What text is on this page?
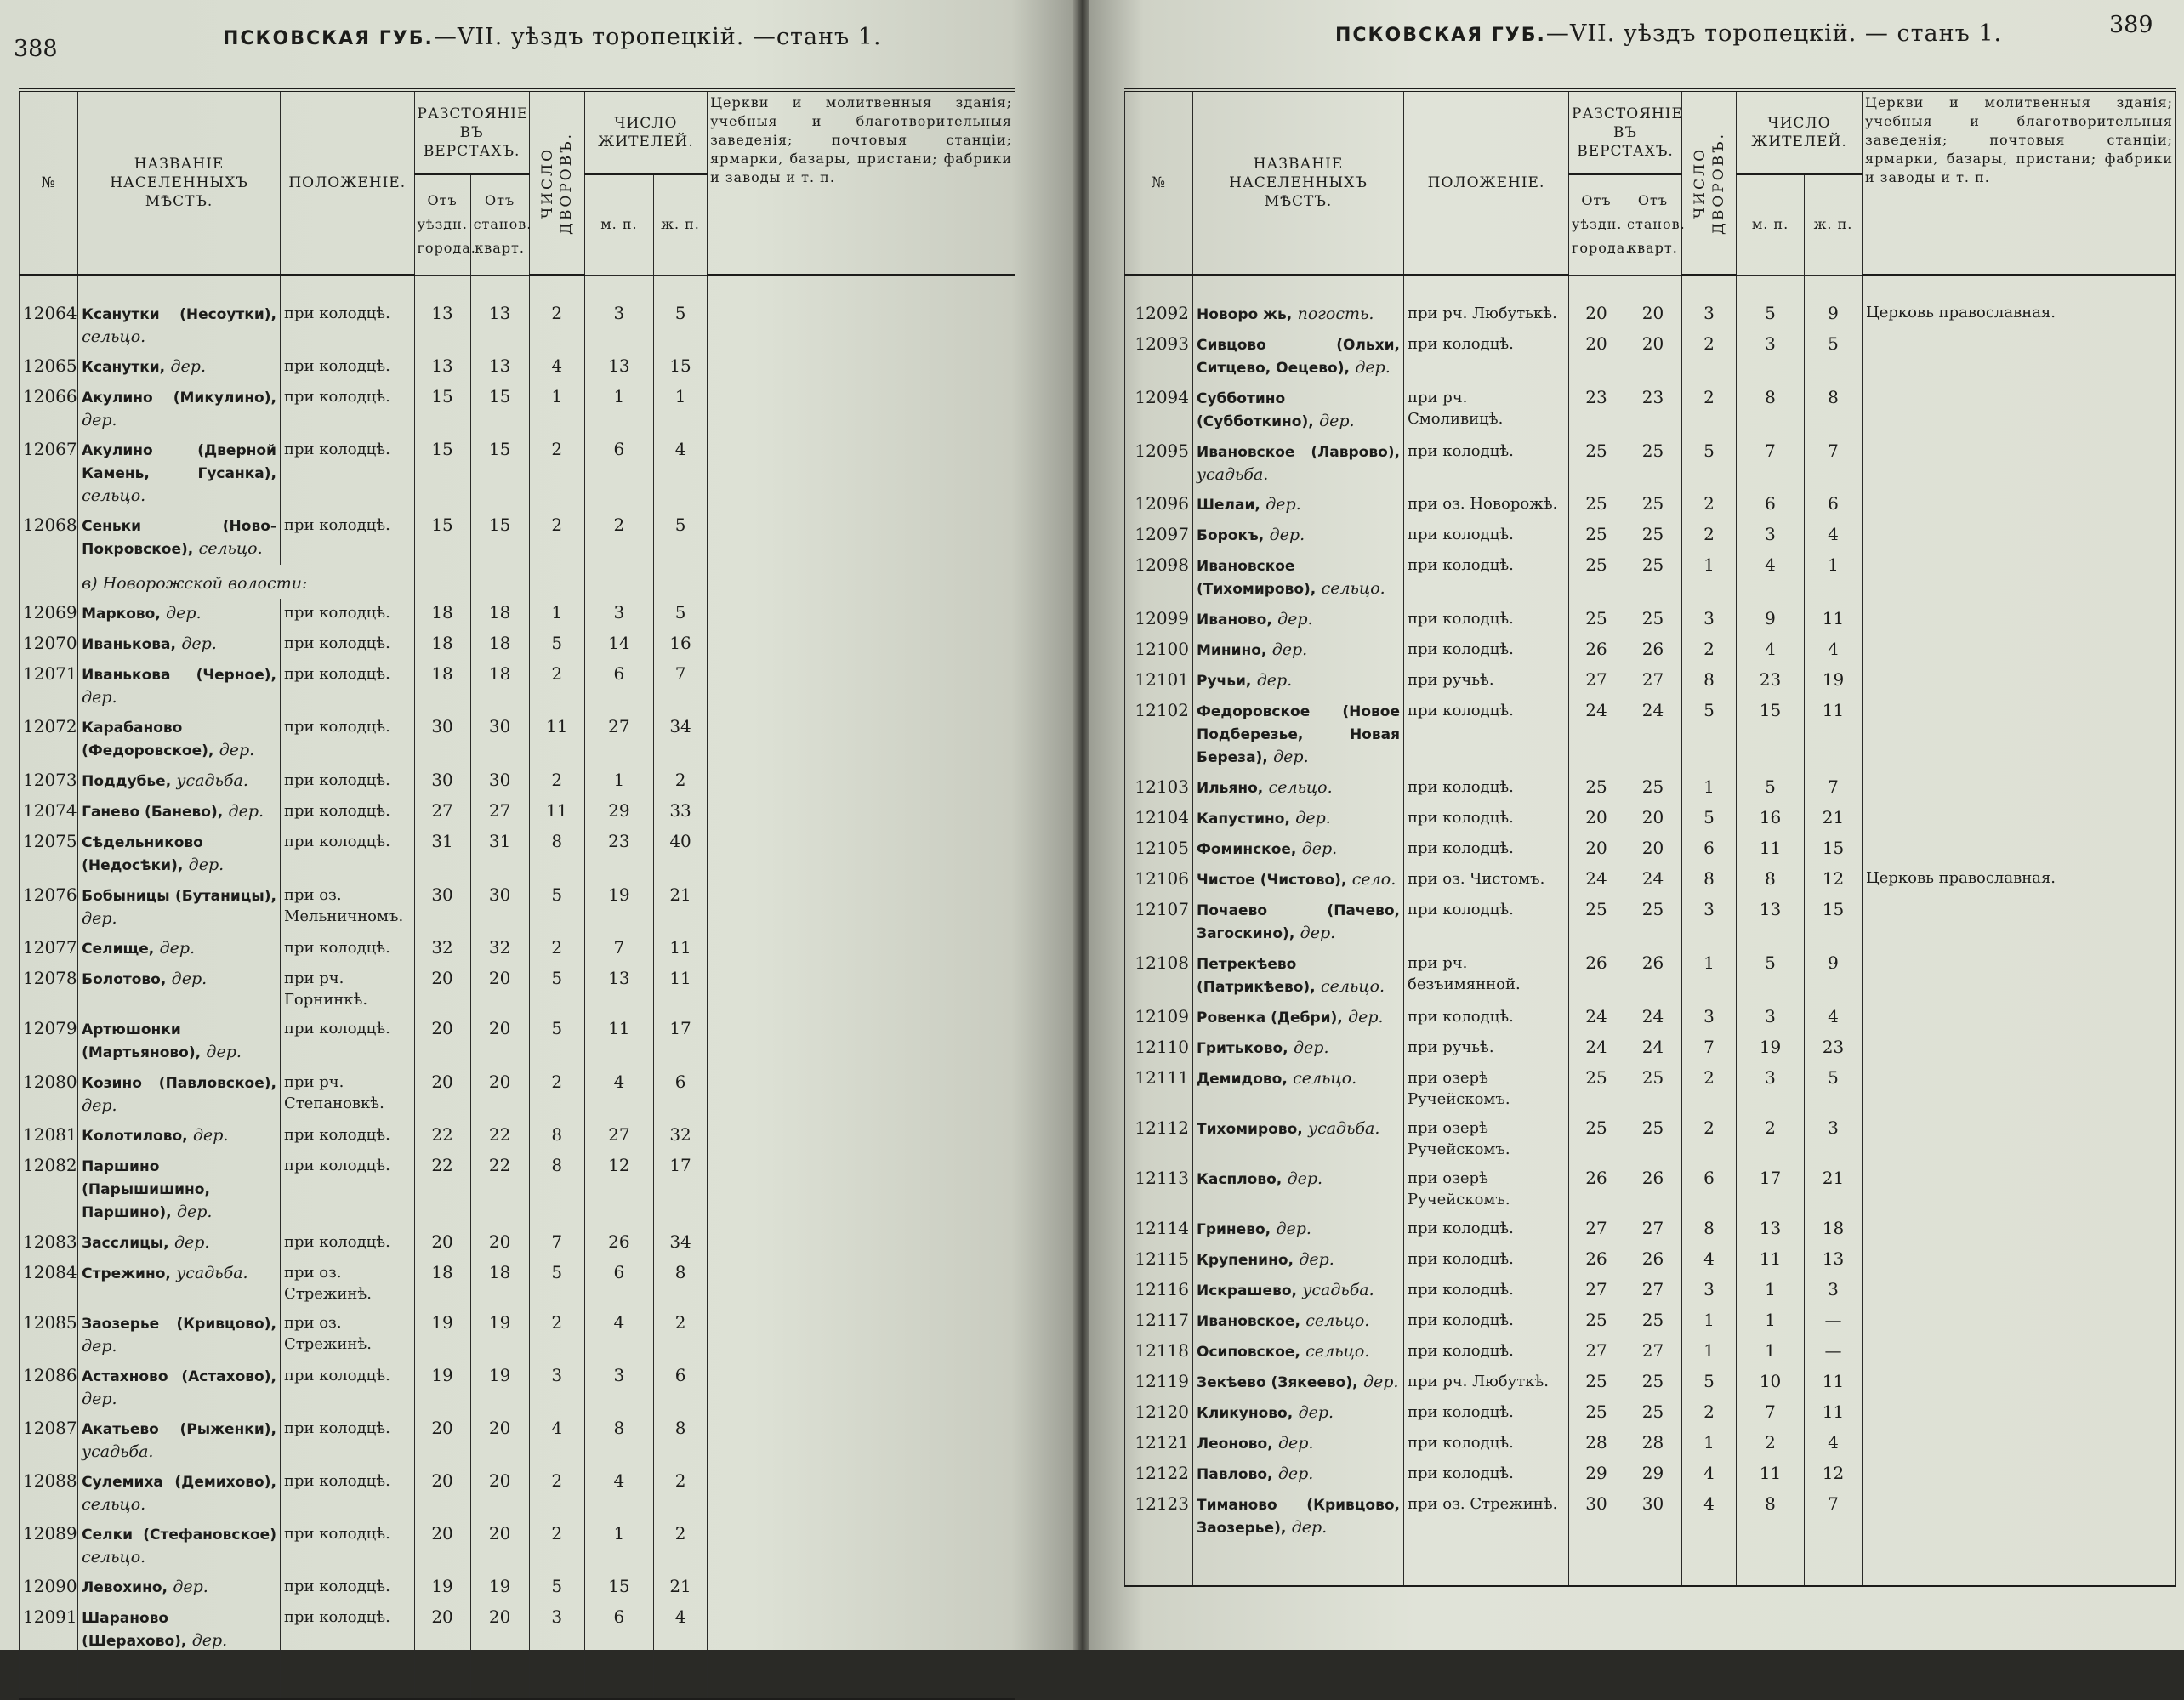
388	ПСКОВСКАЯ ГУБ.—VII. уѣздъ торопецкій. —станъ 1.
№	НАЗВАНІЕ НАСЕЛЕННЫХЪ МѢСТЪ.	ПОЛОЖЕНІЕ.	РАЗСТОЯНІЕ ВЪ ВЕРСТАХЪ.		ЧИСЛО ДВОРОВЪ.	ЧИСЛО ЖИТЕЛЕЙ.		Церкви и молитвенныя зданія; учебныя и благотворительныя заведенія; почтовыя станціи; ярмарки, базары, пристани; фабрики и заводы и т. п.
			Отъ уѣздн. города.	Отъ станов. кварт.		м. п.	ж. п.	
12064	Ксанутки (Несоутки), сельцо.	при колодцѣ.	13	13	2	3	5	
12065	Ксанутки, дер.	при колодцѣ.	13	13	4	13	15	
12066	Акулино (Микулино), дер.	при колодцѣ.	15	15	1	1	1	
12067	Акулино (Дверной Камень, Гусанка), сельцо.	при колодцѣ.	15	15	2	6	4	
12068	Сеньки (Ново-Покровское), сельцо.	при колодцѣ.	15	15	2	2	5	
	в) Новорожской волости:							
12069	Марково, дер.	при колодцѣ.	18	18	1	3	5	
12070	Иванькова, дер.	при колодцѣ.	18	18	5	14	16	
12071	Иванькова (Черное), дер.	при колодцѣ.	18	18	2	6	7	
12072	Карабаново (Федоровское), дер.	при колодцѣ.	30	30	11	27	34	
12073	Поддубье, усадьба.	при колодцѣ.	30	30	2	1	2	
12074	Ганево (Банево), дер.	при колодцѣ.	27	27	11	29	33	
12075	Сѣдельниково (Недосѣки), дер.	при колодцѣ.	31	31	8	23	40	
12076	Бобыницы (Бутаницы), дер.	при оз. Мельничномъ.	30	30	5	19	21	
12077	Селище, дер.	при колодцѣ.	32	32	2	7	11	
12078	Болотово, дер.	при рч. Горнинкѣ.	20	20	5	13	11	
12079	Артюшонки (Мартьяново), дер.	при колодцѣ.	20	20	5	11	17	
12080	Козино (Павловское), дер.	при рч. Степановкѣ.	20	20	2	4	6	
12081	Колотилово, дер.	при колодцѣ.	22	22	8	27	32	
12082	Паршино (Парышишино, Паршино), дер.	при колодцѣ.	22	22	8	12	17	
12083	Засслицы, дер.	при колодцѣ.	20	20	7	26	34	
12084	Стрежино, усадьба.	при оз. Стрежинѣ.	18	18	5	6	8	
12085	Заозерье (Кривцово), дер.	при оз. Стрежинѣ.	19	19	2	4	2	
12086	Астахново (Астахово), дер.	при колодцѣ.	19	19	3	3	6	
12087	Акатьево (Рыженки), усадьба.	при колодцѣ.	20	20	4	8	8	
12088	Сулемиха (Демихово), сельцо.	при колодцѣ.	20	20	2	4	2	
12089	Селки (Стефановское) сельцо.	при колодцѣ.	20	20	2	1	2	
12090	Левохино, дер.	при колодцѣ.	19	19	5	15	21	
12091	Шараново (Шерахово), дер.	при колодцѣ.	20	20	3	6	4	

389
ПСКОВСКАЯ ГУБ.—VII. уѣздъ торопецкій. — станъ 1.
№	НАЗВАНІЕ НАСЕЛЕННЫХЪ МѢСТЪ.	ПОЛОЖЕНІЕ.	РАЗСТОЯНІЕ ВЪ ВЕРСТАХЪ.		ЧИСЛО ДВОРОВЪ.	ЧИСЛО ЖИТЕЛЕЙ.		Церкви и молитвенныя зданія; учебныя и благотворительныя заведенія; почтовыя станціи; ярмарки, базары, пристани; фабрики и заводы и т. п.
			Отъ уѣздн. города.	Отъ станов. кварт.		м. п.	ж. п.	
12092	Новоро жь, погость.	при рч. Любутькѣ.	20	20	3	5	9	Церковь православная.
12093	Сивцово (Ольхи, Ситцево, Оецево), дер.	при колодцѣ.	20	20	2	3	5	
12094	Субботино (Субботкино), дер.	при рч. Смоливицѣ.	23	23	2	8	8	
12095	Ивановское (Лаврово), усадьба.	при колодцѣ.	25	25	5	7	7	
12096	Шелаи, дер.	при оз. Новорожѣ.	25	25	2	6	6	
12097	Борокъ, дер.	при колодцѣ.	25	25	2	3	4	
12098	Ивановское (Тихомирово), сельцо.	при колодцѣ.	25	25	1	4	1	
12099	Иваново, дер.	при колодцѣ.	25	25	3	9	11	
12100	Минино, дер.	при колодцѣ.	26	26	2	4	4	
12101	Ручьи, дер.	при ручьѣ.	27	27	8	23	19	
12102	Федоровское (Новое Подберезье, Новая Береза), дер.	при колодцѣ.	24	24	5	15	11	
12103	Ильяно, сельцо.	при колодцѣ.	25	25	1	5	7	
12104	Капустино, дер.	при колодцѣ.	20	20	5	16	21	
12105	Фоминское, дер.	при колодцѣ.	20	20	6	11	15	
12106	Чистое (Чистово), село.	при оз. Чистомъ.	24	24	8	8	12	Церковь православная.
12107	Почаево (Пачево, Загоскино), дер.	при колодцѣ.	25	25	3	13	15	
12108	Петрекѣево (Патрикѣево), сельцо.	при рч. безъимянной.	26	26	1	5	9	
12109	Ровенка (Дебри), дер.	при колодцѣ.	24	24	3	3	4	
12110	Гритьково, дер.	при ручьѣ.	24	24	7	19	23	
12111	Демидово, сельцо.	при озерѣ Ручейскомъ.	25	25	2	3	5	
12112	Тихомирово, усадьба.	при озерѣ Ручейскомъ.	25	25	2	2	3	
12113	Касплово, дер.	при озерѣ Ручейскомъ.	26	26	6	17	21	
12114	Гринево, дер.	при колодцѣ.	27	27	8	13	18	
12115	Крупенино, дер.	при колодцѣ.	26	26	4	11	13	
12116	Искрашево, усадьба.	при колодцѣ.	27	27	3	1	3	
12117	Ивановское, сельцо.	при колодцѣ.	25	25	1	1	—	
12118	Осиповское, сельцо.	при колодцѣ.	27	27	1	1	—	
12119	Зекѣево (Зякеево), дер.	при рч. Любуткѣ.	25	25	5	10	11	
12120	Кликуново, дер.	при колодцѣ.	25	25	2	7	11	
12121	Леоново, дер.	при колодцѣ.	28	28	1	2	4	
12122	Павлово, дер.	при колодцѣ.	29	29	4	11	12	
12123	Тиманово (Кривцово, Заозерье), дер.	при оз. Стрежинѣ.	30	30	4	8	7	
